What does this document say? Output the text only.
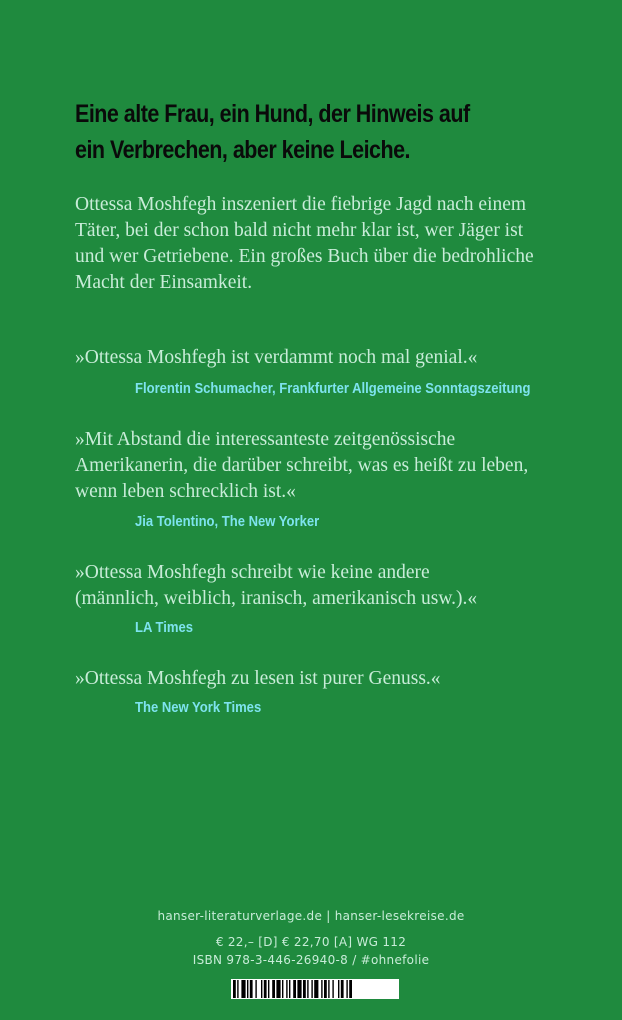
Eine alte Frau, ein Hund, der Hinweis auf
ein Verbrechen, aber keine Leiche.

Ottessa Moshfegh inszeniert die fiebrige Jagd nach einem
Täter, bei der schon bald nicht mehr klar ist, wer Jäger ist
und wer Getriebene. Ein großes Buch über die bedrohliche
Macht der Einsamkeit.

»Ottessa Moshfegh ist verdammt noch mal genial.«

Florentin Schumacher, Frankfurter Allgemeine Sonntagszeitung

»Mit Abstand die interessanteste zeitgenössische
Amerikanerin, die darüber schreibt, was es heißt zu leben,
wenn leben schrecklich ist.«

Jia Tolentino, The New Yorker

»Ottessa Moshfegh schreibt wie keine andere
(männlich, weiblich, iranisch, amerikanisch usw.).«

LA Times

»Ottessa Moshfegh zu lesen ist purer Genuss.«

The New York Times

hanser-literaturverlage.de | hanser-lesekreise.de

€ 22,– [D] € 22,70 [A] WG 112

ISBN 978-3-446-26940-8 / #ohnefolie
